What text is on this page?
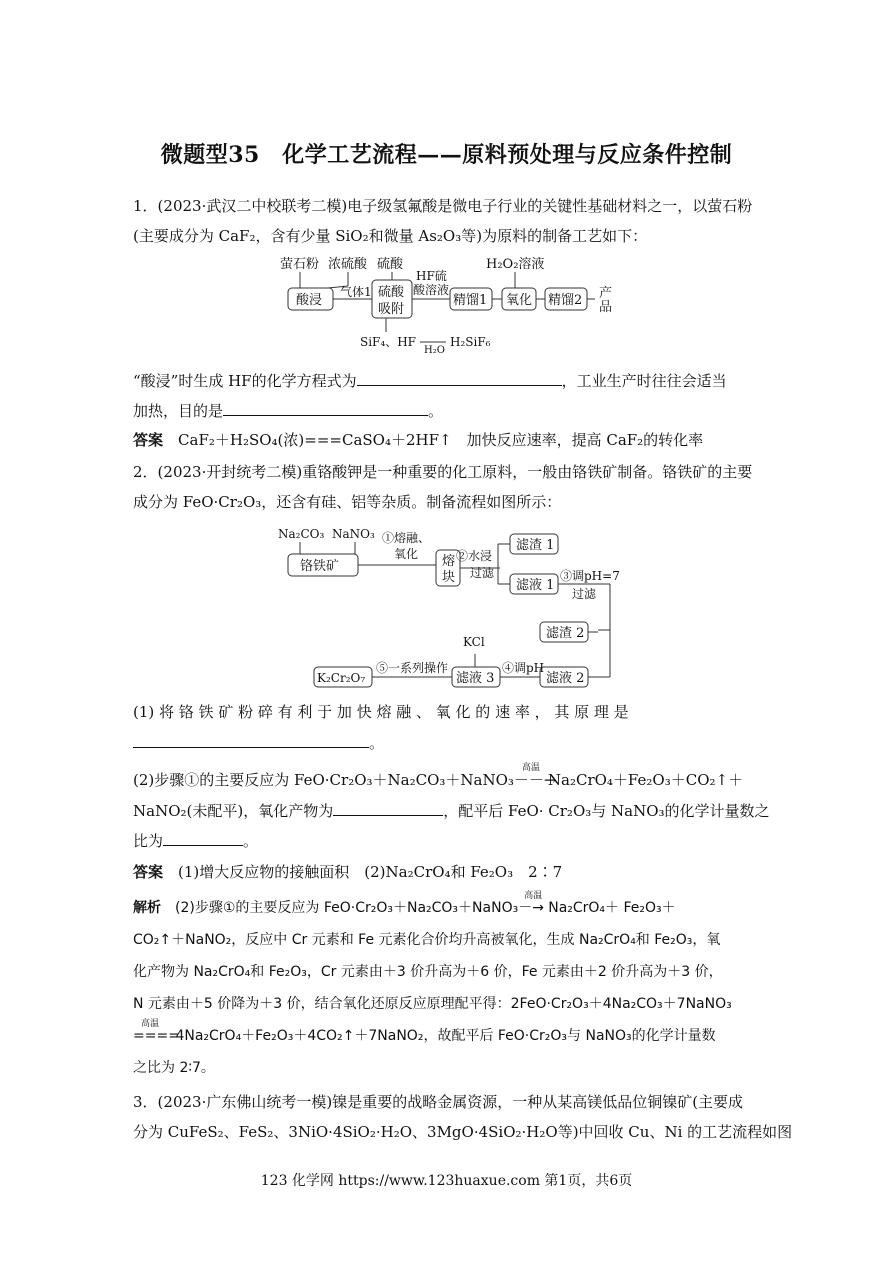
微题型35　化学工艺流程——原料预处理与反应条件控制
1．(2023·武汉二中校联考二模)电子级氢氟酸是微电子行业的关键性基础材料之一，以萤石粉
(主要成分为 CaF₂，含有少量 SiO₂和微量 As₂O₃等)为原料的制备工艺如下：
萤石粉 浓硫酸 硫酸	H₂O₂溶液
酸浸
硫酸
吸附
精馏1 氧化 精馏2 产
品
气体1
HF硫
酸溶液
SiF₄、HF
H₂O
H₂SiF₆
“酸浸”时生成 HF的化学方程式为	，工业生产时往往会适当
加热，目的是	。
答案　 CaF₂＋H₂SO₄(浓)===CaSO₄＋2HF↑　加快反应速率，提高 CaF₂的转化率
2．(2023·开封统考二模)重铬酸钾是一种重要的化工原料，一般由铬铁矿制备。铬铁矿的主要
成分为 FeO·Cr₂O₃，还含有硅、铝等杂质。制备流程如图所示：
Na₂CO₃ NaNO₃ ①熔融、
氧化
铬铁矿	熔
块
②水浸
过滤
滤渣 1
滤液 1
③调pH=7
过滤
滤渣 2
KCl
滤液 3
④调pH
滤液 2
K₂Cr₂O₇
⑤一系列操作
(1) 将 铬 铁 矿 粉 碎 有 利 于 加 快 熔 融 、 氧 化 的 速 率 ， 其 原 理 是
。
(2)步骤①的主要反应为 FeO·Cr₂O₃＋Na₂CO₃＋NaNO₃
高温
－－→Na₂CrO₄＋Fe₂O₃＋CO₂↑＋
NaNO₂(未配平)，氧化产物为	，配平后 FeO· Cr₂O₃与 NaNO₃的化学计量数之
比为	。
答案　 (1)增大反应物的接触面积　(2)Na₂CrO₄和 Fe₂O₃　2∶7
解析　 (2)步骤①的主要反应为 FeO·Cr₂O₃＋Na₂CO₃＋NaNO₃
高温
－→ Na₂CrO₄＋ Fe₂O₃＋
CO₂↑＋NaNO₂，反应中 Cr 元素和 Fe 元素化合价均升高被氧化，生成 Na₂CrO₄和 Fe₂O₃，氧
化产物为 Na₂CrO₄和 Fe₂O₃，Cr 元素由＋3 价升高为＋6 价，Fe 元素由＋2 价升高为＋3 价，
N 元素由＋5 价降为＋3 价，结合氧化还原反应原理配平得：2FeO·Cr₂O₃＋4Na₂CO₃＋7NaNO₃
高温
==== 4Na₂CrO₄＋Fe₂O₃＋4CO₂↑＋7NaNO₂，故配平后 FeO·Cr₂O₃与 NaNO₃的化学计量数
之比为 2∶7。
3．(2023·广东佛山统考一模)镍是重要的战略金属资源，一种从某高镁低品位铜镍矿(主要成
分为 CuFeS₂、FeS₂、3NiO·4SiO₂·H₂O、3MgO·4SiO₂·H₂O等)中回收 Cu、Ni 的工艺流程如图
123 化学网 https://www.123huaxue.com 第1页，共6页
